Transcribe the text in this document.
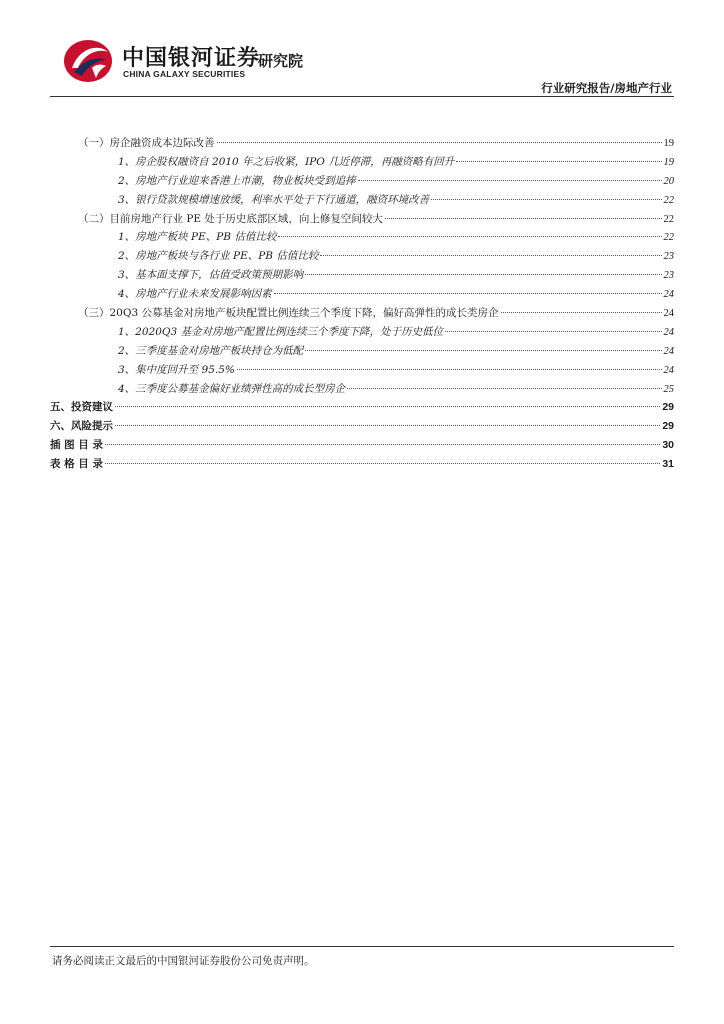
中国银河证券
CHINA GALAXY SECURITIES
研究院
行业研究报告/房地产行业
（一）房企融资成本边际改善	19
1、房企股权融资自 2010 年之后收紧，IPO 几近停滞，再融资略有回升	19
2、房地产行业迎来香港上市潮，物业板块受到追捧	20
3、银行贷款规模增速放缓，利率水平处于下行通道，融资环境改善	22
（二）目前房地产行业 PE 处于历史底部区域，向上修复空间较大	22
1、房地产板块 PE、PB 估值比较	22
2、房地产板块与各行业 PE、PB 估值比较	23
3、基本面支撑下，估值受政策预期影响	23
4、房地产行业未来发展影响因素	24
（三）20Q3 公募基金对房地产板块配置比例连续三个季度下降，偏好高弹性的成长类房企	24
1、2020Q3 基金对房地产配置比例连续三个季度下降，处于历史低位	24
2、三季度基金对房地产板块持仓为低配	24
3、集中度回升至 95.5%	24
4、三季度公募基金偏好业绩弹性高的成长型房企	25
五、投资建议	29
六、风险提示	29
插 图 目 录	30
表 格 目 录	31
请务必阅读正文最后的中国银河证券股份公司免责声明。
